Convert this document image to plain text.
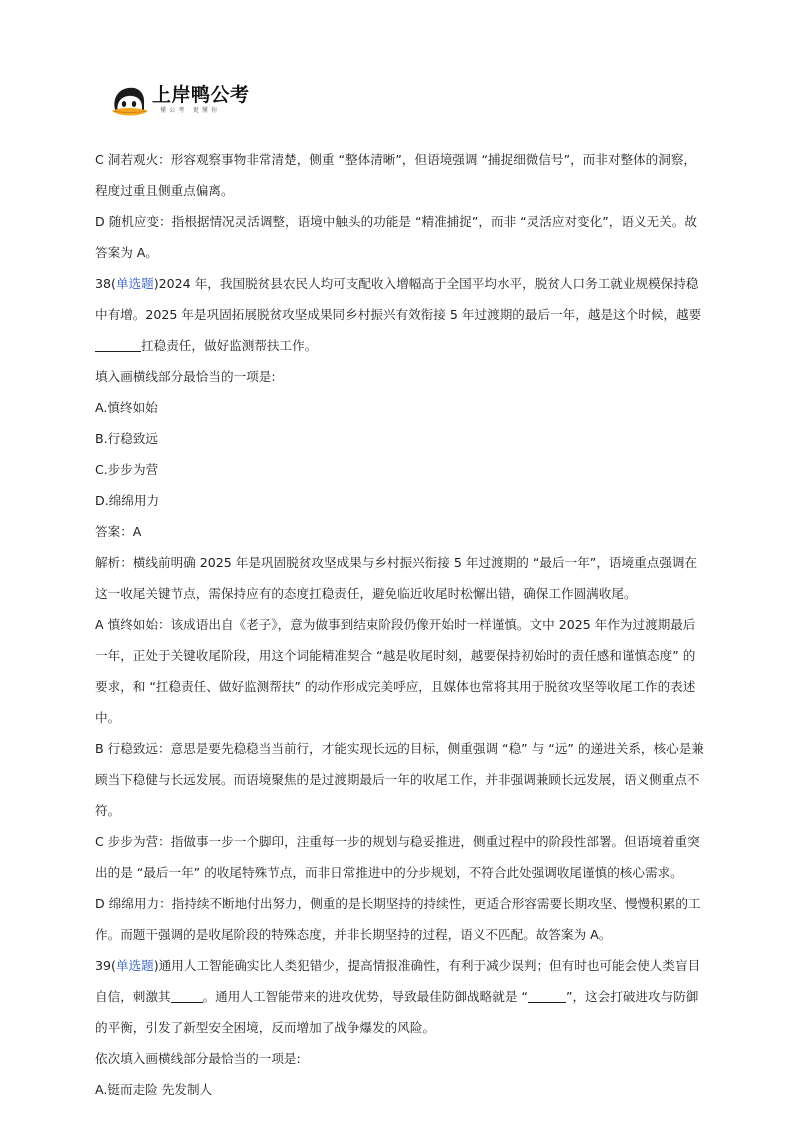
上岸鸭公考
懂公考 更懂你

C 洞若观火：形容观察事物非常清楚，侧重 “整体清晰”，但语境强调 “捕捉细微信号”，而非对整体的洞察，程度过重且侧重点偏离。

D 随机应变：指根据情况灵活调整，语境中触头的功能是 “精准捕捉”，而非 “灵活应对变化”，语义无关。故答案为 A。

38(单选题)2024 年，我国脱贫县农民人均可支配收入增幅高于全国平均水平，脱贫人口务工就业规模保持稳中有增。2025 年是巩固拓展脱贫攻坚成果同乡村振兴有效衔接 5 年过渡期的最后一年，越是这个时候，越要扛稳责任，做好监测帮扶工作。

填入画横线部分最恰当的一项是:

A.慎终如始

B.行稳致远

C.步步为营

D.绵绵用力

答案：A

解析：横线前明确 2025 年是巩固脱贫攻坚成果与乡村振兴衔接 5 年过渡期的 “最后一年”，语境重点强调在这一收尾关键节点，需保持应有的态度扛稳责任，避免临近收尾时松懈出错，确保工作圆满收尾。

A 慎终如始：该成语出自《老子》，意为做事到结束阶段仍像开始时一样谨慎。文中 2025 年作为过渡期最后一年，正处于关键收尾阶段，用这个词能精准契合 “越是收尾时刻，越要保持初始时的责任感和谨慎态度” 的要求，和 “扛稳责任、做好监测帮扶” 的动作形成完美呼应，且媒体也常将其用于脱贫攻坚等收尾工作的表述中。

B 行稳致远：意思是要先稳稳当当前行，才能实现长远的目标，侧重强调 “稳” 与 “远” 的递进关系，核心是兼顾当下稳健与长远发展。而语境聚焦的是过渡期最后一年的收尾工作，并非强调兼顾长远发展，语义侧重点不符。

C 步步为营：指做事一步一个脚印，注重每一步的规划与稳妥推进，侧重过程中的阶段性部署。但语境着重突出的是 “最后一年” 的收尾特殊节点，而非日常推进中的分步规划，不符合此处强调收尾谨慎的核心需求。

D 绵绵用力：指持续不断地付出努力，侧重的是长期坚持的持续性，更适合形容需要长期攻坚、慢慢积累的工作。而题干强调的是收尾阶段的特殊态度，并非长期坚持的过程，语义不匹配。故答案为 A。

39(单选题)通用人工智能确实比人类犯错少，提高情报准确性，有利于减少误判；但有时也可能会使人类盲目自信，刺激其	。通用人工智能带来的进攻优势，导致最佳防御战略就是 “	”，这会打破进攻与防御的平衡，引发了新型安全困境，反而增加了战争爆发的风险。

依次填入画横线部分最恰当的一项是:

A.铤而走险 先发制人
